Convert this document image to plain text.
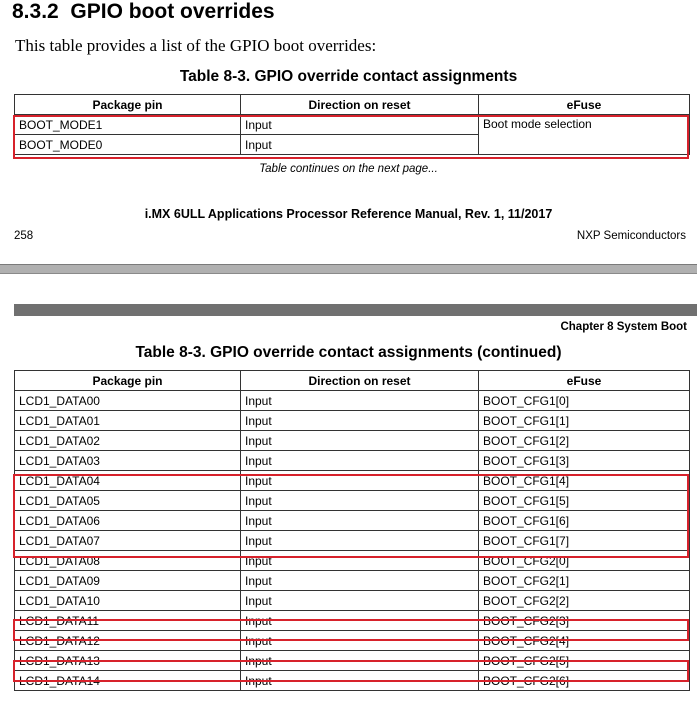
8.3.2 GPIO boot overrides
This table provides a list of the GPIO boot overrides:
Table 8-3. GPIO override contact assignments
Package pin	Direction on reset	eFuse
BOOT_MODE1	Input	Boot mode selection
BOOT_MODE0	Input	
Table continues on the next page...
i.MX 6ULL Applications Processor Reference Manual, Rev. 1, 11/2017
258	NXP Semiconductors
Chapter 8 System Boot
Table 8-3. GPIO override contact assignments (continued)
Package pin	Direction on reset	eFuse
LCD1_DATA00	Input	BOOT_CFG1[0]
LCD1_DATA01	Input	BOOT_CFG1[1]
LCD1_DATA02	Input	BOOT_CFG1[2]
LCD1_DATA03	Input	BOOT_CFG1[3]
LCD1_DATA04	Input	BOOT_CFG1[4]
LCD1_DATA05	Input	BOOT_CFG1[5]
LCD1_DATA06	Input	BOOT_CFG1[6]
LCD1_DATA07	Input	BOOT_CFG1[7]
LCD1_DATA08	Input	BOOT_CFG2[0]
LCD1_DATA09	Input	BOOT_CFG2[1]
LCD1_DATA10	Input	BOOT_CFG2[2]
LCD1_DATA11	Input	BOOT_CFG2[3]
LCD1_DATA12	Input	BOOT_CFG2[4]
LCD1_DATA13	Input	BOOT_CFG2[5]
LCD1_DATA14	Input	BOOT_CFG2[6]
